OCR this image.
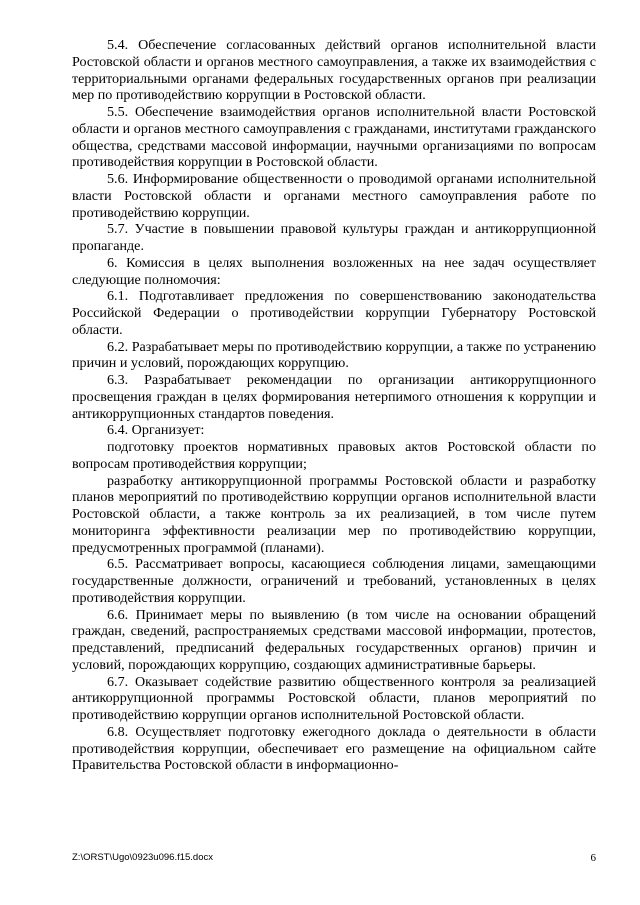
5.4. Обеспечение согласованных действий органов исполнительной власти Ростовской области и органов местного самоуправления, а также их взаимодействия с территориальными органами федеральных государственных органов при реализации мер по противодействию коррупции в Ростовской области.

5.5. Обеспечение взаимодействия органов исполнительной власти Ростовской области и органов местного самоуправления с гражданами, институтами гражданского общества, средствами массовой информации, научными организациями по вопросам противодействия коррупции в Ростовской области.

5.6. Информирование общественности о проводимой органами исполнительной власти Ростовской области и органами местного самоуправления работе по противодействию коррупции.

5.7. Участие в повышении правовой культуры граждан и антикоррупционной пропаганде.

6. Комиссия в целях выполнения возложенных на нее задач осуществляет следующие полномочия:

6.1. Подготавливает предложения по совершенствованию законодательства Российской Федерации о противодействии коррупции Губернатору Ростовской области.

6.2. Разрабатывает меры по противодействию коррупции, а также по устранению причин и условий, порождающих коррупцию.

6.3. Разрабатывает рекомендации по организации антикоррупционного просвещения граждан в целях формирования нетерпимого отношения к коррупции и антикоррупционных стандартов поведения.

6.4. Организует:

подготовку проектов нормативных правовых актов Ростовской области по вопросам противодействия коррупции;

разработку антикоррупционной программы Ростовской области и разработку планов мероприятий по противодействию коррупции органов исполнительной власти Ростовской области, а также контроль за их реализацией, в том числе путем мониторинга эффективности реализации мер по противодействию коррупции, предусмотренных программой (планами).

6.5. Рассматривает вопросы, касающиеся соблюдения лицами, замещающими государственные должности, ограничений и требований, установленных в целях противодействия коррупции.

6.6. Принимает меры по выявлению (в том числе на основании обращений граждан, сведений, распространяемых средствами массовой информации, протестов, представлений, предписаний федеральных государственных органов) причин и условий, порождающих коррупцию, создающих административные барьеры.

6.7. Оказывает содействие развитию общественного контроля за реализацией антикоррупционной программы Ростовской области, планов мероприятий по противодействию коррупции органов исполнительной Ростовской области.

6.8. Осуществляет подготовку ежегодного доклада о деятельности в области противодействия коррупции, обеспечивает его размещение на официальном сайте Правительства Ростовской области в информационно-

Z:\ORST\Ugo\0923u096.f15.docx	6
